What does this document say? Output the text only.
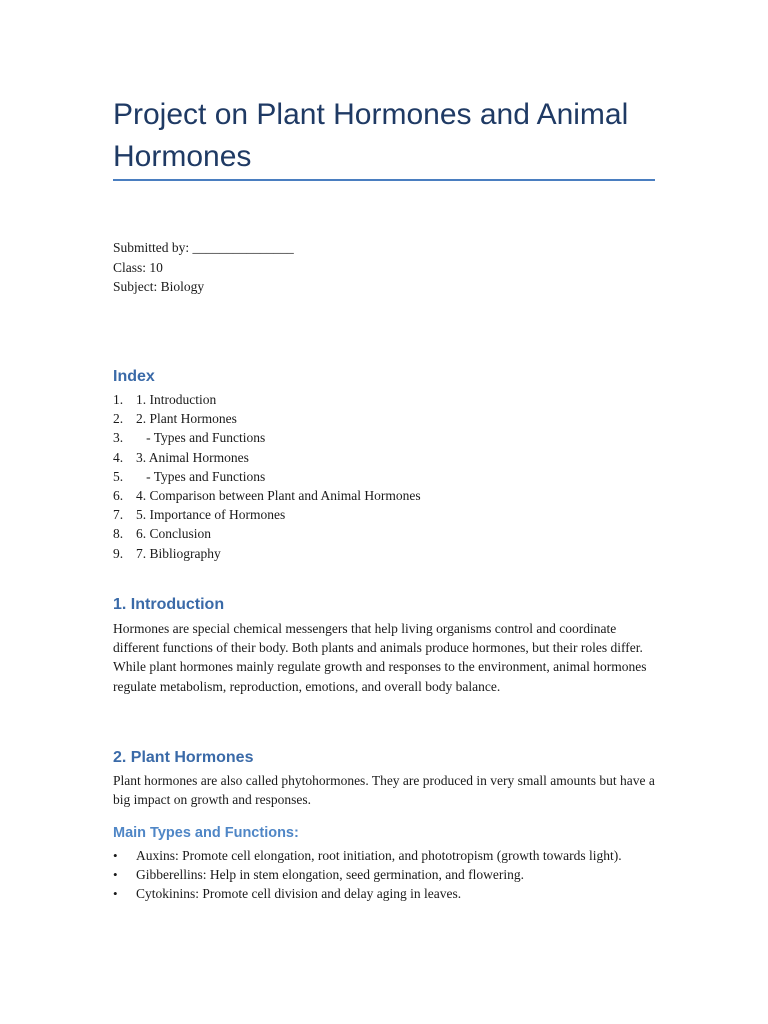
Project on Plant Hormones and Animal Hormones
Submitted by: _______________
Class: 10
Subject: Biology
Index
1. 1. Introduction
2. 2. Plant Hormones
3. - Types and Functions
4. 3. Animal Hormones
5. - Types and Functions
6. 4. Comparison between Plant and Animal Hormones
7. 5. Importance of Hormones
8. 6. Conclusion
9. 7. Bibliography
1. Introduction

Hormones are special chemical messengers that help living organisms control and coordinate different functions of their body. Both plants and animals produce hormones, but their roles differ. While plant hormones mainly regulate growth and responses to the environment, animal hormones regulate metabolism, reproduction, emotions, and overall body balance.

2. Plant Hormones

Plant hormones are also called phytohormones. They are produced in very small amounts but have a big impact on growth and responses.

Main Types and Functions:
• Auxins: Promote cell elongation, root initiation, and phototropism (growth towards light).
• Gibberellins: Help in stem elongation, seed germination, and flowering.
• Cytokinins: Promote cell division and delay aging in leaves.
